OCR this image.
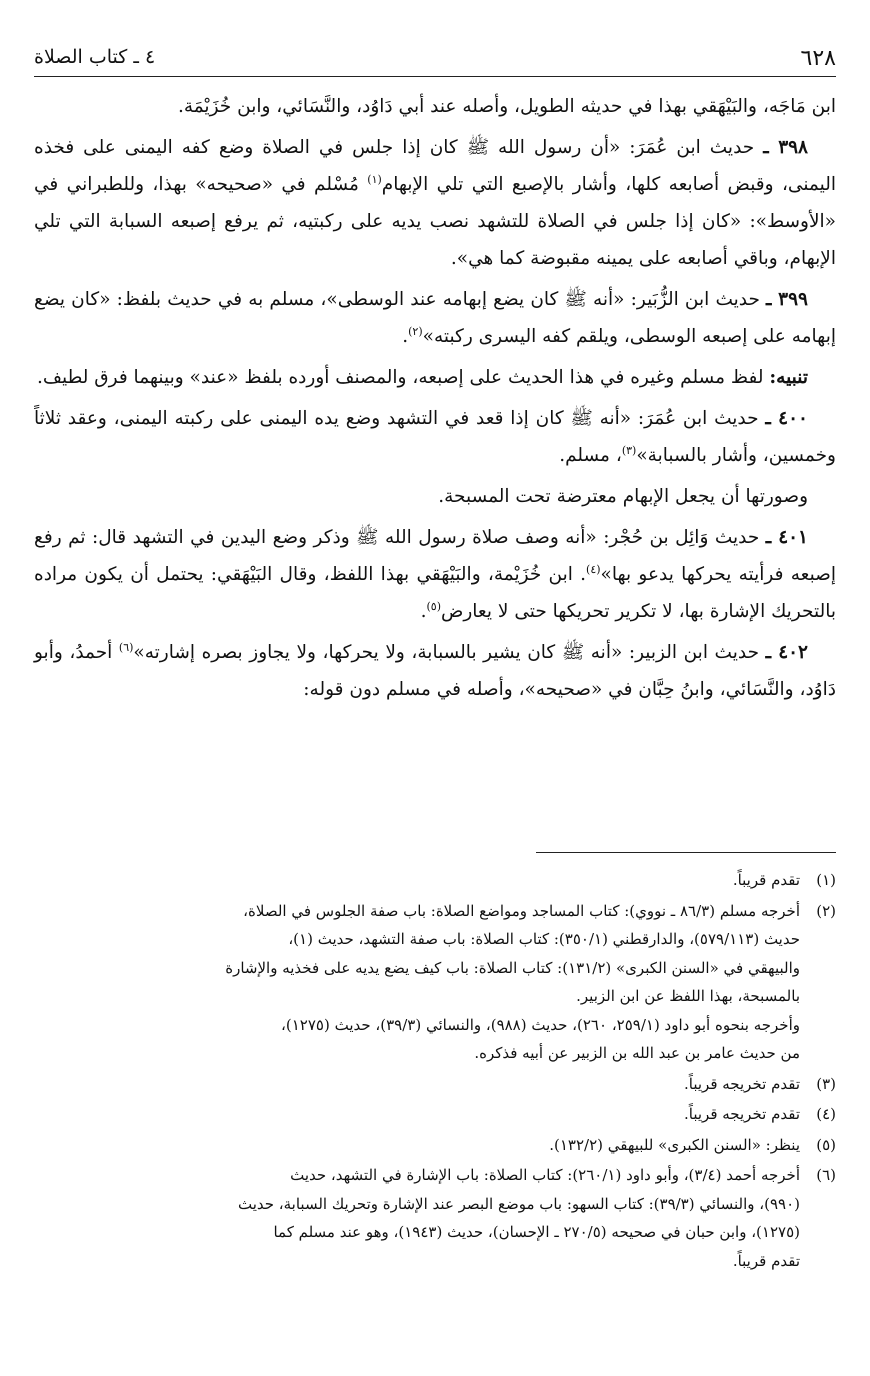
٦٢٨
٤ ـ كتاب الصلاة

ابن مَاجَه، والبَيْهَقي بهذا في حديثه الطويل، وأصله عند أبي دَاوُد، والنَّسَائي، وابن خُزَيْمَة.

٣٩٨ ـ حديث ابن عُمَرَ: «أن رسول الله ﷺ كان إذا جلس في الصلاة وضع كفه اليمنى على فخذه اليمنى، وقبض أصابعه كلها، وأشار بالإصبع التي تلي الإبهام$^{(١)}$ مُسْلم في «صحيحه» بهذا، وللطبراني في «الأوسط»: «كان إذا جلس في الصلاة للتشهد نصب يديه على ركبتيه، ثم يرفع إصبعه السبابة التي تلي الإبهام، وباقي أصابعه على يمينه مقبوضة كما هي».

٣٩٩ ـ حديث ابن الزُّبَير: «أنه ﷺ كان يضع إبهامه عند الوسطى»، مسلم به في حديث بلفظ: «كان يضع إبهامه على إصبعه الوسطى، ويلقم كفه اليسرى ركبته»$^{(٢)}$.

تنبيه: لفظ مسلم وغيره في هذا الحديث على إصبعه، والمصنف أورده بلفظ «عند» وبينهما فرق لطيف.

٤٠٠ ـ حديث ابن عُمَرَ: «أنه ﷺ كان إذا قعد في التشهد وضع يده اليمنى على ركبته اليمنى، وعقد ثلاثاً وخمسين، وأشار بالسبابة»$^{(٣)}$، مسلم.

وصورتها أن يجعل الإبهام معترضة تحت المسبحة.

٤٠١ ـ حديث وَائِل بن حُجْر: «أنه وصف صلاة رسول الله ﷺ وذكر وضع اليدين في التشهد قال: ثم رفع إصبعه فرأيته يحركها يدعو بها»$^{(٤)}$. ابن خُزَيْمة، والبَيْهَقي بهذا اللفظ، وقال البَيْهَقي: يحتمل أن يكون مراده بالتحريك الإشارة بها، لا تكرير تحريكها حتى لا يعارض$^{(٥)}$.

٤٠٢ ـ حديث ابن الزبير: «أنه ﷺ كان يشير بالسبابة، ولا يحركها، ولا يجاوز بصره إشارته»$^{(٦)}$ أحمدُ، وأبو دَاوُد، والنَّسَائي، وابنُ حِبَّان في «صحيحه»، وأصله في مسلم دون قوله:

(١)
تقدم قريباً.
(٢)
أخرجه مسلم (٨٦/٣ ـ نووي): كتاب المساجد ومواضع الصلاة: باب صفة الجلوس في الصلاة،
حديث (٥٧٩/١١٣)، والدارقطني (٣٥٠/١): كتاب الصلاة: باب صفة التشهد، حديث (١)،
والبيهقي في «السنن الكبرى» (١٣١/٢): كتاب الصلاة: باب كيف يضع يديه على فخذيه والإشارة
بالمسبحة، بهذا اللفظ عن ابن الزبير.
وأخرجه بنحوه أبو داود (٢٥٩/١، ٢٦٠)، حديث (٩٨٨)، والنسائي (٣٩/٣)، حديث (١٢٧٥)،
من حديث عامر بن عبد الله بن الزبير عن أبيه فذكره.
(٣)
تقدم تخريجه قريباً.
(٤)
تقدم تخريجه قريباً.
(٥)
ينظر: «السنن الكبرى» للبيهقي (١٣٢/٢).
(٦)
أخرجه أحمد (٣/٤)، وأبو داود (٢٦٠/١): كتاب الصلاة: باب الإشارة في التشهد، حديث
(٩٩٠)، والنسائي (٣٩/٣): كتاب السهو: باب موضع البصر عند الإشارة وتحريك السبابة، حديث
(١٢٧٥)، وابن حبان في صحيحه (٢٧٠/٥ ـ الإحسان)، حديث (١٩٤٣)، وهو عند مسلم كما
تقدم قريباً.
